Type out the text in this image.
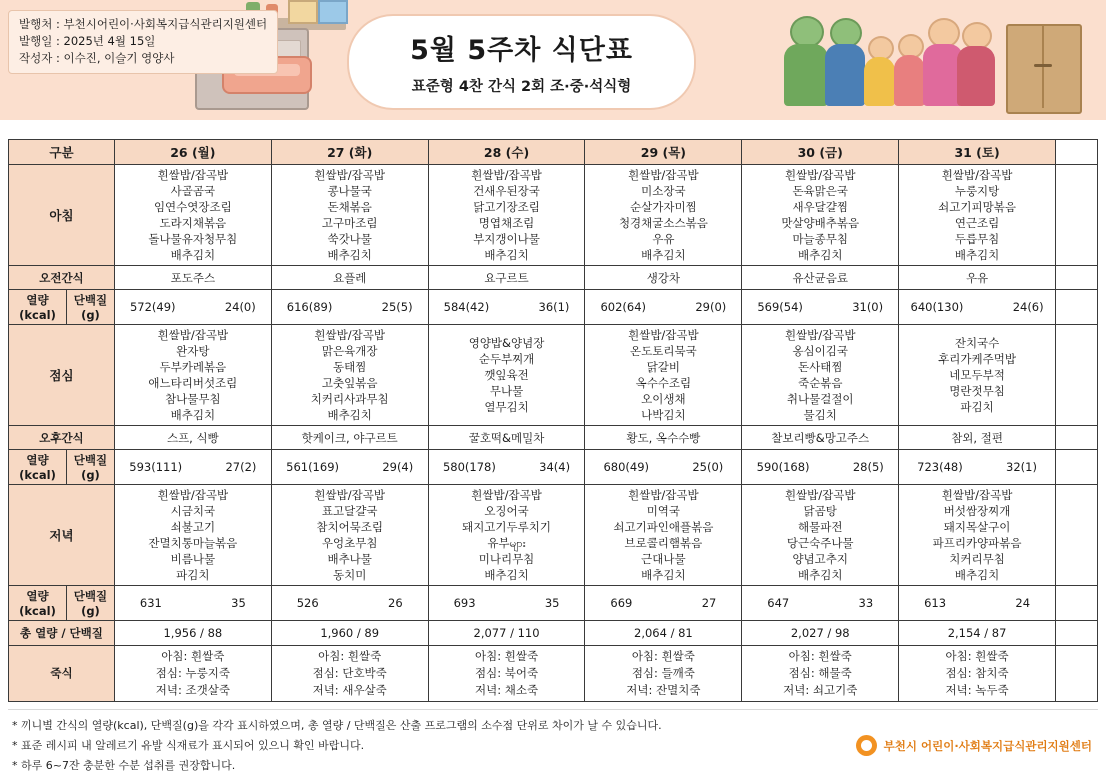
발행처 : 부천시어린이·사회복지급식관리지원센터
발행일 : 2025년 4월 15일
작성자 : 이수진, 이슬기 영양사	5월 5주차 식단표
표준형 4찬 간식 2회 조·중·석식형
구분		26 (월)	27 (화)	28 (수)	29 (목)	30 (금)	31 (토)	
아침	흰쌀밥/잡곡밥
사골곰국
임연수엿장조림
도라지채볶음
돌나물유자청무침
배추김치	흰쌀밥/잡곡밥
콩나물국
돈채볶음
고구마조림
쑥갓나물
배추김치	흰쌀밥/잡곡밥
건새우된장국
닭고기장조림
명엽채조림
부지갱이나물
배추김치	흰쌀밥/잡곡밥
미소장국
순살가자미찜
청경채굴소스볶음
우유
배추김치	흰쌀밥/잡곡밥
돈육맑은국
새우달걀찜
맛살양배추볶음
마늘종무침
배추김치	흰쌀밥/잡곡밥
누룽지탕
쇠고기피망볶음
연근조림
두릅무침
배추김치	
오전간식		포도주스	요플레	요구르트	생강차	유산균음료	우유	
열량(kcal)	단백질(g)	572(49) 24(0)	616(89) 25(5)	584(42) 36(1)	602(64) 29(0)	569(54) 31(0)	640(130) 24(6)	
점심	흰쌀밥/잡곡밥
완자탕
두부카레볶음
애느타리버섯조림
참나물무침
배추김치	흰쌀밥/잡곡밥
맑은육개장
동태찜
고춧잎볶음
치커리사과무침
배추김치	영양밥&양념장
순두부찌개
깻잎육전
무나물
열무김치	흰쌀밥/잡곡밥
온도토리묵국
닭갈비
옥수수조림
오이생채
나박김치	흰쌀밥/잡곡밥
옹심이김국
돈사태찜
죽순볶음
취나물걸절이
물김치	잔치국수
후리가케주먹밥
네모두부적
명란젓무침
파김치	
오후간식		스프, 식빵	핫케이크, 야구르트	꿀호떡&메밀차	황도, 옥수수빵	찰보리빵&망고주스	참외, 절편	
열량(kcal)	단백질(g)	593(111) 27(2)	561(169) 29(4)	580(178) 34(4)	680(49) 25(0)	590(168) 28(5)	723(48) 32(1)	
저녁	흰쌀밥/잡곡밥
시금치국
쇠불고기
잔멸치통마늘볶음
비름나물
파김치	흰쌀밥/잡곡밥
표고달걀국
참치어묵조림
우엉초무침
배추나물
동치미	흰쌀밥/잡곡밥
오징어국
돼지고기두루치기
유부များ
미나리무침
배추김치	흰쌀밥/잡곡밥
미역국
쇠고기파인애플볶음
브로콜리햄볶음
근대나물
배추김치	흰쌀밥/잡곡밥
닭곰탕
해물파전
당근숙주나물
양념고추지
배추김치	흰쌀밥/잡곡밥
버섯쌈장찌개
돼지목살구이
파프리카양파볶음
치커리무침
배추김치	
열량(kcal)	단백질(g)	631 35	526 26	693 35	669 27	647 33	613 24	
총 열량 / 단백질		1,956 / 88	1,960 / 89	2,077 / 110	2,064 / 81	2,027 / 98	2,154 / 87	
죽식		아침: 흰쌀죽
점심: 누룽지죽
저녁: 조갯살죽	아침: 흰쌀죽
점심: 단호박죽
저녁: 새우살죽	아침: 흰쌀죽
점심: 북어죽
저녁: 채소죽	아침: 흰쌀죽
점심: 들깨죽
저녁: 잔멸치죽	아침: 흰쌀죽
점심: 해물죽
저녁: 쇠고기죽	아침: 흰쌀죽
점심: 참치죽
저녁: 녹두죽	
* 끼니별 간식의 열량(kcal), 단백질(g)을 각각 표시하였으며, 총 열량 / 단백질은 산출 프로그램의 소수점 단위로 차이가 날 수 있습니다.
* 표준 레시피 내 알레르기 유발 식재료가 표시되어 있으니 확인 바랍니다.
* 하루 6~7잔 충분한 수분 섭취를 권장합니다.
부천시 어린이·사회복지급식관리지원센터
